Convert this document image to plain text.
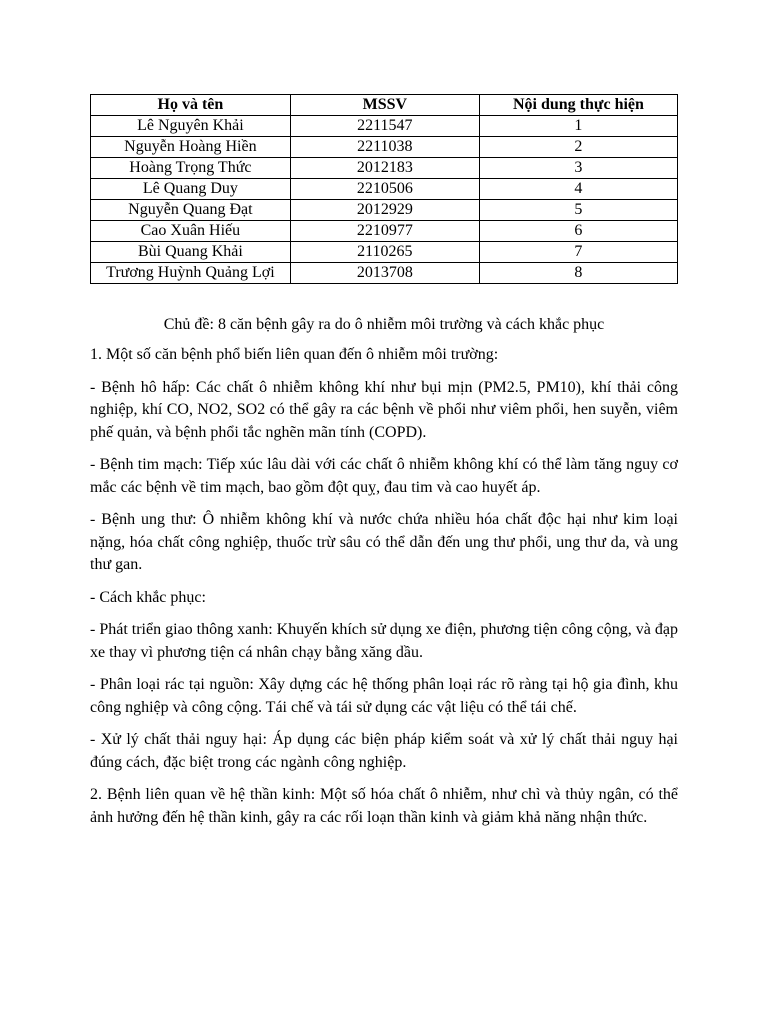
Họ và tên	MSSV	Nội dung thực hiện
Lê Nguyên Khải	2211547	1
Nguyễn Hoàng Hiền	2211038	2
Hoàng Trọng Thức	2012183	3
Lê Quang Duy	2210506	4
Nguyễn Quang Đạt	2012929	5
Cao Xuân Hiếu	2210977	6
Bùi Quang Khải	2110265	7
Trương Huỳnh Quảng Lợi	2013708	8
Chủ đề: 8 căn bệnh gây ra do ô nhiễm môi trường và cách khắc phục

1. Một số căn bệnh phổ biến liên quan đến ô nhiễm môi trường:

- Bệnh hô hấp: Các chất ô nhiễm không khí như bụi mịn (PM2.5, PM10), khí thải công nghiệp, khí CO, NO2, SO2 có thể gây ra các bệnh về phổi như viêm phổi, hen suyễn, viêm phế quản, và bệnh phổi tắc nghẽn mãn tính (COPD).

- Bệnh tim mạch: Tiếp xúc lâu dài với các chất ô nhiễm không khí có thể làm tăng nguy cơ mắc các bệnh về tim mạch, bao gồm đột quỵ, đau tim và cao huyết áp.

- Bệnh ung thư: Ô nhiễm không khí và nước chứa nhiều hóa chất độc hại như kim loại nặng, hóa chất công nghiệp, thuốc trừ sâu có thể dẫn đến ung thư phổi, ung thư da, và ung thư gan.

- Cách khắc phục:

- Phát triển giao thông xanh: Khuyến khích sử dụng xe điện, phương tiện công cộng, và đạp xe thay vì phương tiện cá nhân chạy bằng xăng dầu.

- Phân loại rác tại nguồn: Xây dựng các hệ thống phân loại rác rõ ràng tại hộ gia đình, khu công nghiệp và công cộng. Tái chế và tái sử dụng các vật liệu có thể tái chế.

- Xử lý chất thải nguy hại: Áp dụng các biện pháp kiểm soát và xử lý chất thải nguy hại đúng cách, đặc biệt trong các ngành công nghiệp.

2. Bệnh liên quan về hệ thần kinh: Một số hóa chất ô nhiễm, như chì và thủy ngân, có thể ảnh hưởng đến hệ thần kinh, gây ra các rối loạn thần kinh và giảm khả năng nhận thức.
